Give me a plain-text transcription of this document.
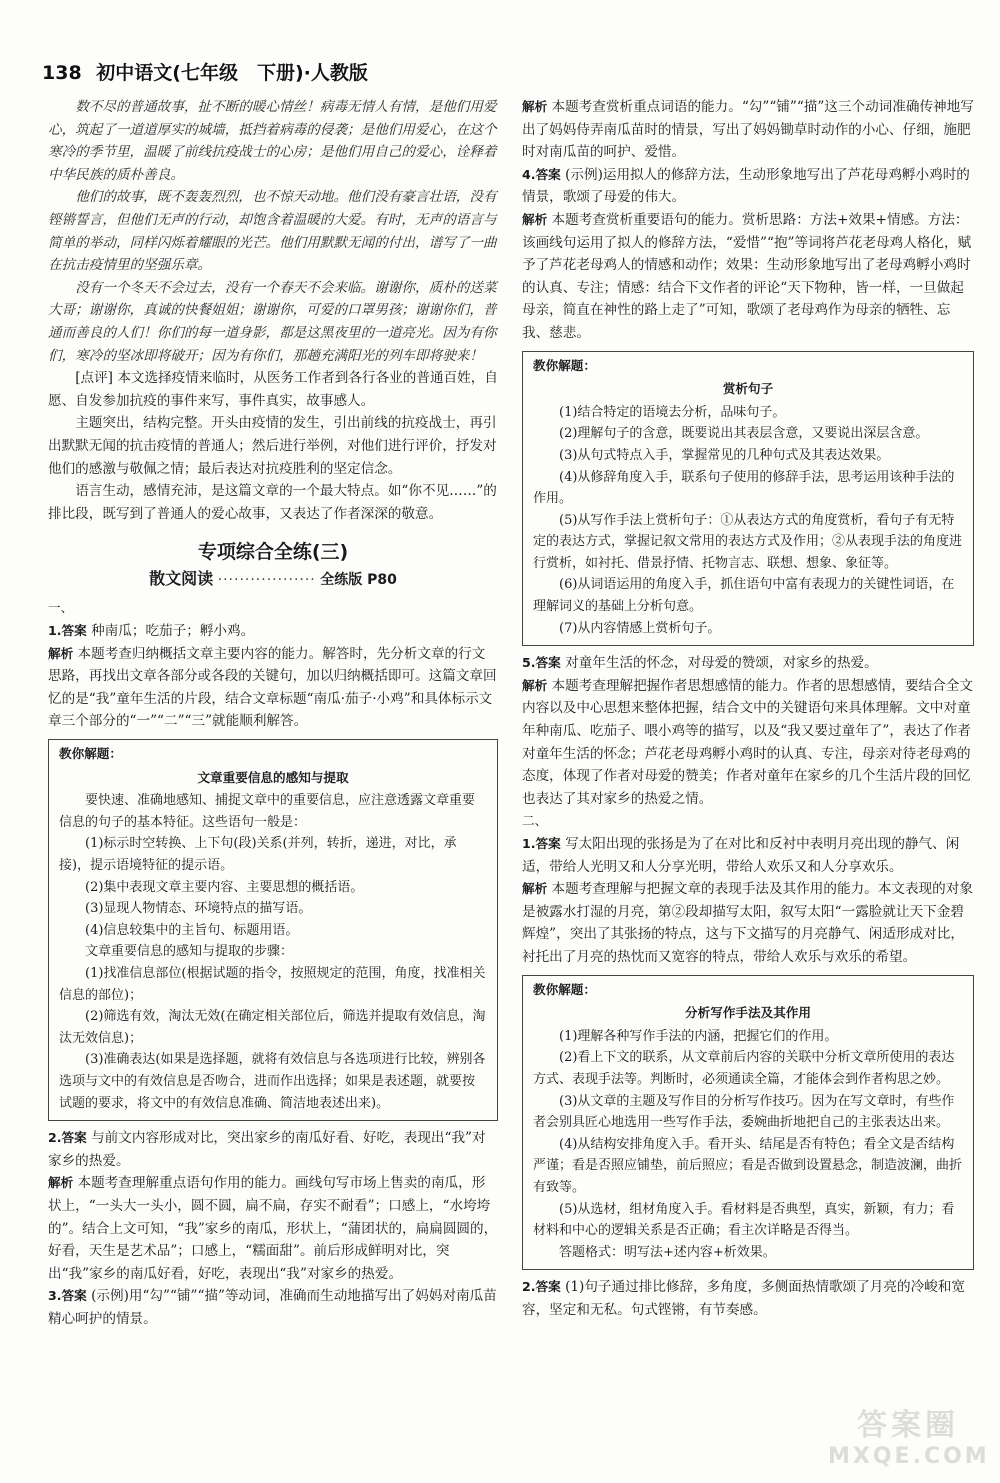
138 初中语文(七年级　下册)·人教版

数不尽的普通故事，扯不断的暖心情丝！病毒无情人有情，是他们用爱心，筑起了一道道厚实的城墙，抵挡着病毒的侵袭；是他们用爱心，在这个寒冷的季节里，温暖了前线抗疫战士的心房；是他们用自己的爱心，诠释着中华民族的质朴善良。

他们的故事，既不轰轰烈烈，也不惊天动地。他们没有豪言壮语，没有铿锵誓言，但他们无声的行动，却饱含着温暖的大爱。有时，无声的语言与简单的举动，同样闪烁着耀眼的光芒。他们用默默无闻的付出，谱写了一曲在抗击疫情里的坚强乐章。

没有一个冬天不会过去，没有一个春天不会来临。谢谢你，质朴的送菜大哥；谢谢你，真诚的快餐姐姐；谢谢你，可爱的口罩男孩；谢谢你们，普通而善良的人们！你们的每一道身影，都是这黑夜里的一道亮光。因为有你们，寒冷的坚冰即将破开；因为有你们，那趟充满阳光的列车即将驶来！

[点评] 本文选择疫情来临时，从医务工作者到各行各业的普通百姓，自愿、自发参加抗疫的事件来写，事件真实，故事感人。

主题突出，结构完整。开头由疫情的发生，引出前线的抗疫战士，再引出默默无闻的抗击疫情的普通人；然后进行举例，对他们进行评价，抒发对他们的感激与敬佩之情；最后表达对抗疫胜利的坚定信念。

语言生动，感情充沛，是这篇文章的一个最大特点。如“你不见……”的排比段，既写到了普通人的爱心故事，又表达了作者深深的敬意。

专项综合全练(三)
散文阅读 ·················· 全练版 P80
一、

1.答案 种南瓜；吃茄子；孵小鸡。

解析 本题考查归纳概括文章主要内容的能力。解答时，先分析文章的行文思路，再找出文章各部分或各段的关键句，加以归纳概括即可。这篇文章回忆的是“我”童年生活的片段，结合文章标题“南瓜·茄子·小鸡”和具体标示文章三个部分的“一”“二”“三”就能顺利解答。

教你解题：
文章重要信息的感知与提取

要快速、准确地感知、捕捉文章中的重要信息，应注意透露文章重要信息的句子的基本特征。这些语句一般是：

(1)标示时空转换、上下句(段)关系(并列，转折，递进，对比，承接)，提示语境特征的提示语。

(2)集中表现文章主要内容、主要思想的概括语。

(3)显现人物情态、环境特点的描写语。

(4)信息较集中的主旨句、标题用语。

文章重要信息的感知与提取的步骤：

(1)找准信息部位(根据试题的指令，按照规定的范围，角度，找准相关信息的部位)；

(2)筛选有效，淘汰无效(在确定相关部位后，筛选并提取有效信息，淘汰无效信息)；

(3)准确表达(如果是选择题，就将有效信息与各选项进行比较，辨别各选项与文中的有效信息是否吻合，进而作出选择；如果是表述题，就要按试题的要求，将文中的有效信息准确、简洁地表述出来)。

2.答案 与前文内容形成对比，突出家乡的南瓜好看、好吃，表现出“我”对家乡的热爱。

解析 本题考查理解重点语句作用的能力。画线句写市场上售卖的南瓜，形状上，“一头大一头小，圆不圆，扁不扁，存实不耐看”；口感上，“水垮垮的”。结合上文可知，“我”家乡的南瓜，形状上，“蒲团状的，扁扁圆圆的，好看，天生是艺术品”；口感上，“糯面甜”。前后形成鲜明对比，突出“我”家乡的南瓜好看，好吃，表现出“我”对家乡的热爱。

3.答案 (示例)用“勾”“铺”“描”等动词，准确而生动地描写出了妈妈对南瓜苗精心呵护的情景。

解析 本题考查赏析重点词语的能力。“勾”“铺”“描”这三个动词准确传神地写出了妈妈侍弄南瓜苗时的情景，写出了妈妈锄草时动作的小心、仔细，施肥时对南瓜苗的呵护、爱惜。

4.答案 (示例)运用拟人的修辞方法，生动形象地写出了芦花母鸡孵小鸡时的情景，歌颂了母爱的伟大。

解析 本题考查赏析重要语句的能力。赏析思路：方法+效果+情感。方法：该画线句运用了拟人的修辞方法，“爱惜”“抱”等词将芦花老母鸡人格化，赋予了芦花老母鸡人的情感和动作；效果：生动形象地写出了老母鸡孵小鸡时的认真、专注；情感：结合下文作者的评论“天下物种，皆一样，一旦做起母亲，简直在神性的路上走了”可知，歌颂了老母鸡作为母亲的牺牲、忘我、慈悲。

教你解题：
赏析句子

(1)结合特定的语境去分析，品味句子。

(2)理解句子的含意，既要说出其表层含意，又要说出深层含意。

(3)从句式特点入手，掌握常见的几种句式及其表达效果。

(4)从修辞角度入手，联系句子使用的修辞手法，思考运用该种手法的作用。

(5)从写作手法上赏析句子：①从表达方式的角度赏析，看句子有无特定的表达方式，掌握记叙文常用的表达方式及作用；②从表现手法的角度进行赏析，如衬托、借景抒情、托物言志、联想、想象、象征等。

(6)从词语运用的角度入手，抓住语句中富有表现力的关键性词语，在理解词义的基础上分析句意。

(7)从内容情感上赏析句子。

5.答案 对童年生活的怀念，对母爱的赞颂，对家乡的热爱。

解析 本题考查理解把握作者思想感情的能力。作者的思想感情，要结合全文内容以及中心思想来整体把握，结合文中的关键语句来具体理解。文中对童年种南瓜、吃茄子、喂小鸡等的描写，以及“我又要过童年了”，表达了作者对童年生活的怀念；芦花老母鸡孵小鸡时的认真、专注，母亲对待老母鸡的态度，体现了作者对母爱的赞美；作者对童年在家乡的几个生活片段的回忆也表达了其对家乡的热爱之情。

二、

1.答案 写太阳出现的张扬是为了在对比和反衬中表明月亮出现的静气、闲适，带给人光明又和人分享光明，带给人欢乐又和人分享欢乐。

解析 本题考查理解与把握文章的表现手法及其作用的能力。本文表现的对象是被露水打湿的月亮，第②段却描写太阳，叙写太阳“一露脸就让天下金碧辉煌”，突出了其张扬的特点，这与下文描写的月亮静气、闲适形成对比，衬托出了月亮的热忱而又宽容的特点，带给人欢乐与欢乐的希望。

教你解题：
分析写作手法及其作用

(1)理解各种写作手法的内涵，把握它们的作用。

(2)看上下文的联系，从文章前后内容的关联中分析文章所使用的表达方式、表现手法等。判断时，必须通读全篇，才能体会到作者构思之妙。

(3)从文章的主题及写作目的分析写作技巧。因为在写文章时，有些作者会别具匠心地选用一些写作手法，委婉曲折地把自己的主张表达出来。

(4)从结构安排角度入手。看开头、结尾是否有特色；看全文是否结构严谨；看是否照应铺垫，前后照应；看是否做到设置悬念，制造波澜，曲折有致等。

(5)从选材，组材角度入手。看材料是否典型，真实，新颖，有力；看材料和中心的逻辑关系是否正确；看主次详略是否得当。

答题格式：明写法+述内容+析效果。

2.答案 (1)句子通过排比修辞，多角度，多侧面热情歌颂了月亮的冷峻和宽容，坚定和无私。句式铿锵，有节奏感。

答案圈
MXQE.COM
